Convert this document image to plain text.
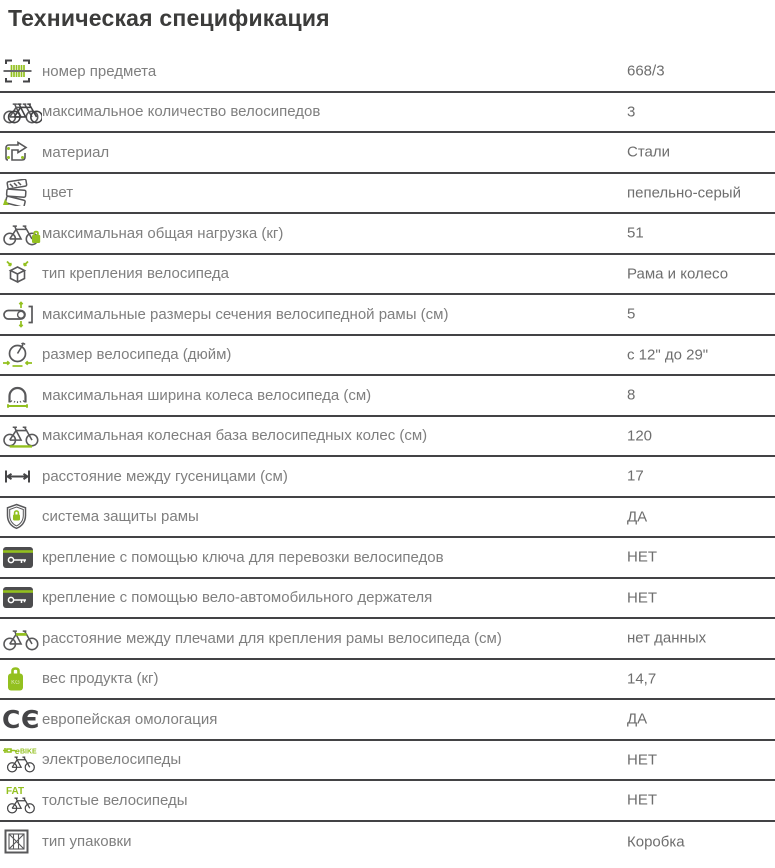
Техническая спецификация
номер предмета	668/3
максимальное количество велосипедов	3
материал	Стали
цвет	пепельно-серый
максимальная общая нагрузка (кг)	51
тип крепления велосипеда	Рама и колесо
максимальные размеры сечения велосипедной рамы (см)	5
размер велосипеда (дюйм)	с 12" до 29"
максимальная ширина колеса велосипеда (см)	8
максимальная колесная база велосипедных колес (см)	120
расстояние между гусеницами (см)	17
система защиты рамы	ДА
крепление с помощью ключа для перевозки велосипедов	НЕТ
крепление с помощью вело-автомобильного держателя	НЕТ
расстояние между плечами для крепления рамы велосипеда (см)	нет данных
KG вес продукта (кг)	14,7
C Є европейская омологация	ДА
e BIKE электровелосипеды	НЕТ
FAT
толстые велосипеды	НЕТ
тип упаковки	Коробка
